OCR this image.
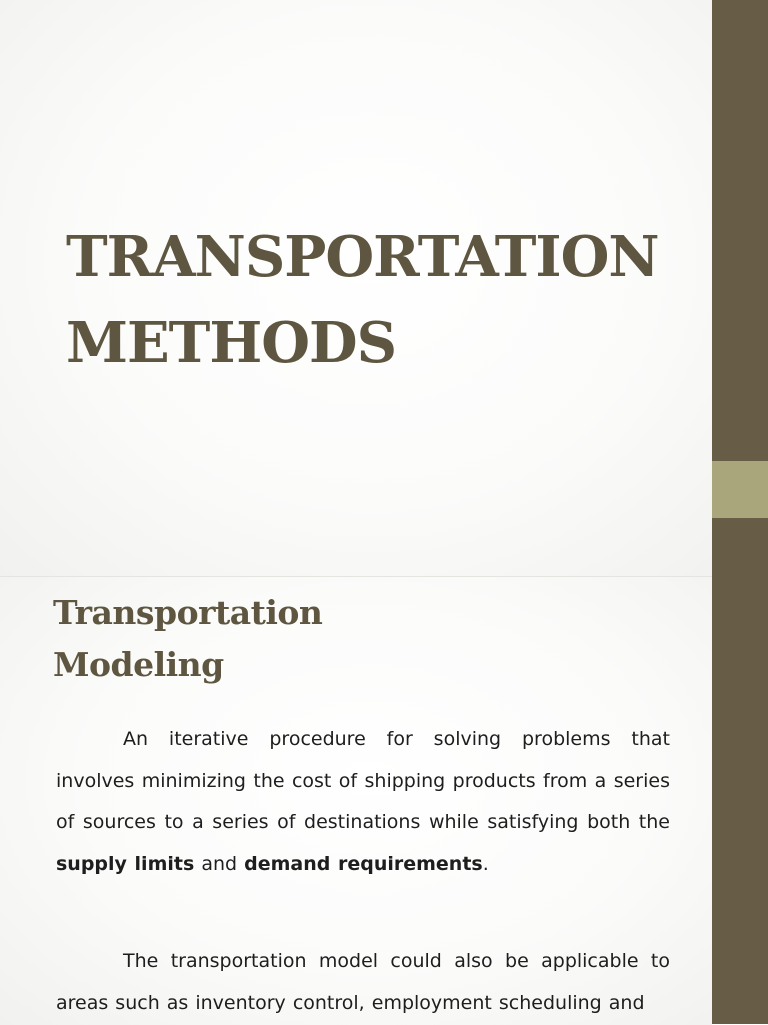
TRANSPORTATION
METHODS
Transportation
Modeling

An iterative procedure for solving problems that involves minimizing the cost of shipping products from a series of sources to a series of destinations while satisfying both the supply limits and demand requirements.

The transportation model could also be applicable to areas such as inventory control, employment scheduling and
